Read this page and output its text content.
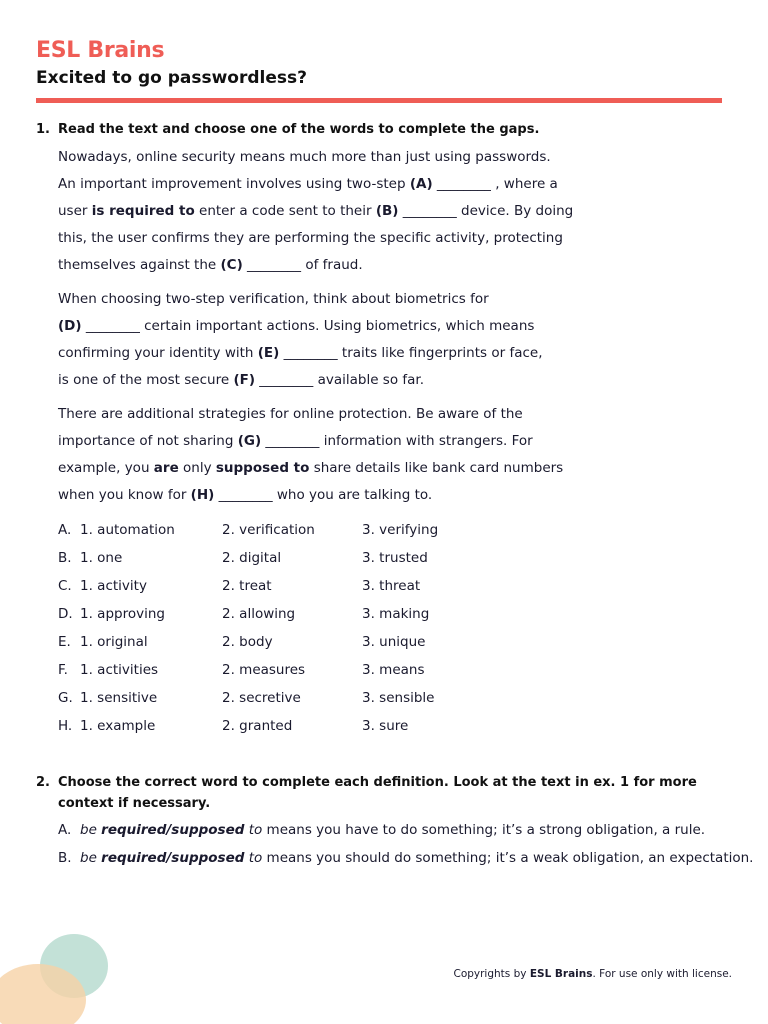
ESL Brains
Excited to go passwordless?
1. Read the text and choose one of the words to complete the gaps.
Nowadays, online security means much more than just using passwords.
An important improvement involves using two-step (A) ________ , where a
user is required to enter a code sent to their (B) ________ device. By doing
this, the user confirms they are performing the specific activity, protecting
themselves against the (C) ________ of fraud.
When choosing two-step verification, think about biometrics for
(D) ________ certain important actions. Using biometrics, which means
confirming your identity with (E) ________ traits like fingerprints or face,
is one of the most secure (F) ________ available so far.
There are additional strategies for online protection. Be aware of the
importance of not sharing (G) ________ information with strangers. For
example, you are only supposed to share details like bank card numbers
when you know for (H) ________ who you are talking to.
A. 1. automation	2. verification	3. verifying
B. 1. one	2. digital	3. trusted
C. 1. activity	2. treat	3. threat
D. 1. approving	2. allowing	3. making
E. 1. original	2. body	3. unique
F. 1. activities	2. measures	3. means
G. 1. sensitive	2. secretive	3. sensible
H. 1. example	2. granted	3. sure
2. Choose the correct word to complete each definition. Look at the text in ex. 1 for more context if necessary.
A. be required/supposed to means you have to do something; it’s a strong obligation, a rule.
B. be required/supposed to means you should do something; it’s a weak obligation, an expectation.
Copyrights by ESL Brains. For use only with license.
